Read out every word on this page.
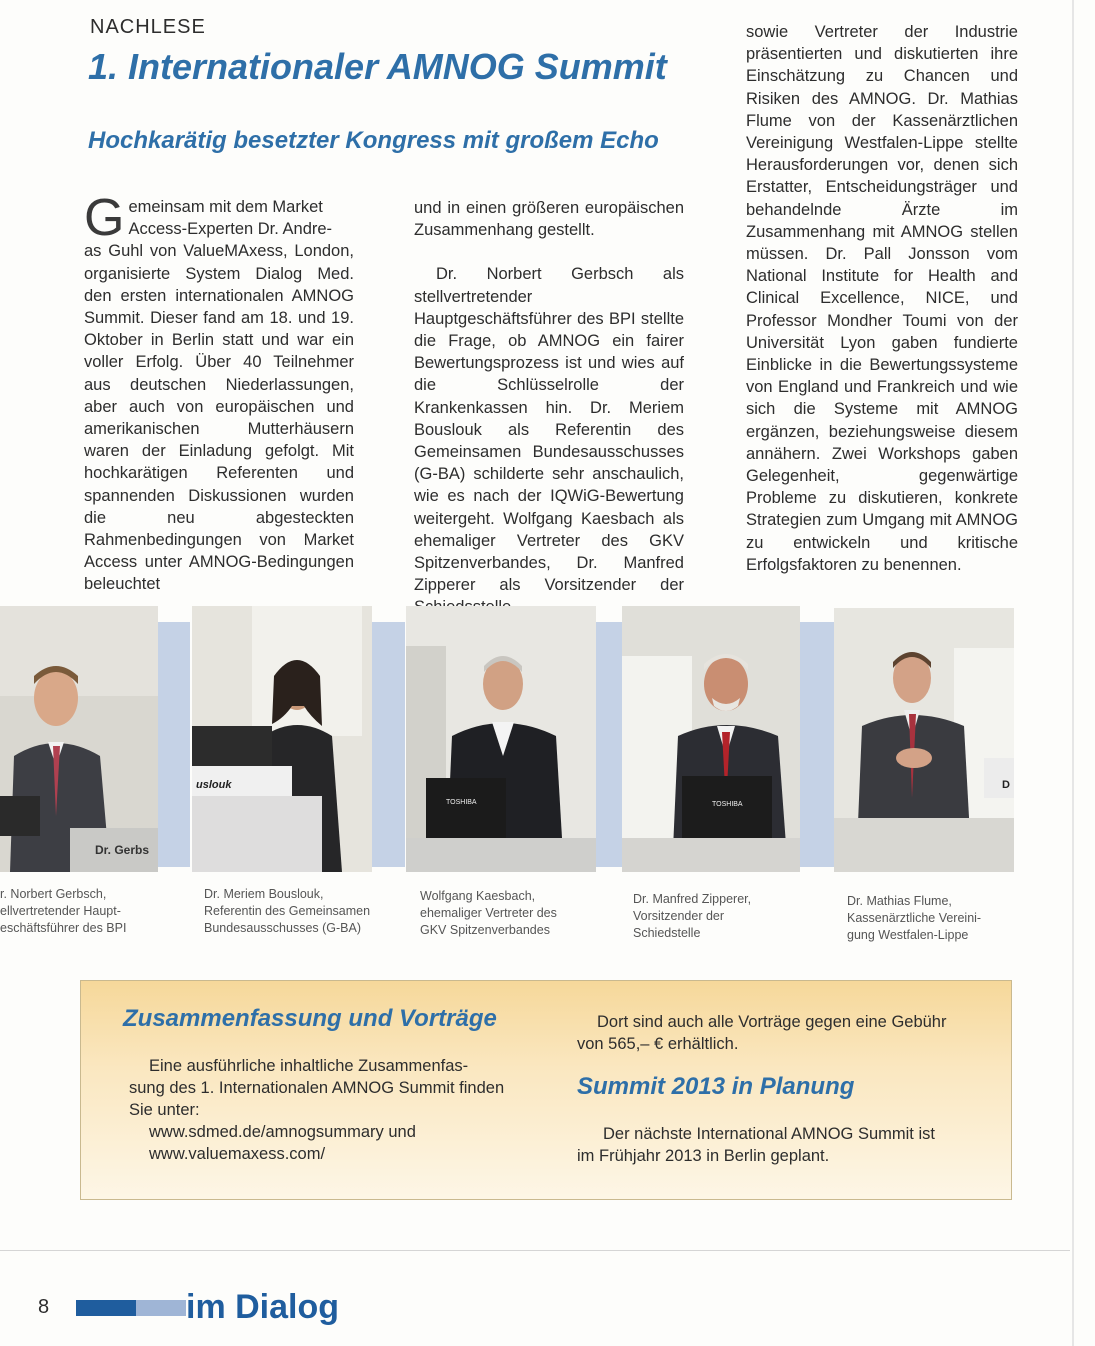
NACHLESE
1. Internationaler AMNOG Summit
Hochkarätig besetzter Kongress mit großem Echo
G emeinsam mit dem Market
Access-Experten Dr. Andre-
as Guhl von ValueMAxess, London, organisierte System Dialog Med. den ersten internationalen AMNOG Summit. Dieser fand am 18. und 19. Oktober in Berlin statt und war ein voller Erfolg. Über 40 Teilnehmer aus deutschen Niederlassungen, aber auch von europäischen und amerikanischen Mutterhäusern waren der Einladung gefolgt. Mit hochkarätigen Referenten und spannenden Diskussionen wurden die neu abgesteckten Rahmenbedingungen von Market Access unter AMNOG-Bedingungen beleuchtet

und in einen größeren europäischen Zusammenhang gestellt.

Dr. Norbert Gerbsch als stellvertretender Hauptgeschäftsführer des BPI stellte die Frage, ob AMNOG ein fairer Bewertungsprozess ist und wies auf die Schlüsselrolle der Krankenkassen hin. Dr. Meriem Bouslouk als Referentin des Gemeinsamen Bundesausschusses (G-BA) schilderte sehr anschaulich, wie es nach der IQWiG-Bewertung weitergeht. Wolfgang Kaesbach als ehemaliger Vertreter des GKV Spitzenverbandes, Dr. Manfred Zipperer als Vorsitzender der

sowie Vertreter der Industrie präsentierten und diskutierten ihre Einschätzung zu Chancen und Risiken des AMNOG. Dr. Mathias Flume von der Kassenärztlichen Vereinigung Westfalen-Lippe stellte Herausforderungen vor, denen sich Erstatter, Entscheidungsträger und behandelnde Ärzte im Zusammenhang mit AMNOG stellen müssen. Dr. Pall Jonsson vom National Institute for Health and Clinical Excellence, NICE, und Professor Mondher Toumi von der Universität Lyon gaben fundierte Einblicke in die Bewertungssysteme von England und Frankreich und wie sich die Systeme mit AMNOG ergänzen, beziehungsweise diesem annähern. Zwei Workshops gaben Gelegenheit, gegenwärtige Probleme zu diskutieren, konkrete Strategien zum Umgang mit AMNOG zu entwickeln und kritische Erfolgsfaktoren zu benennen.

Dr. Gerbs
uslouk
TOSHIBA	TOSHIBA
D
r. Norbert Gerbsch,
ellvertretender Haupt-
eschäftsführer des BPI
Dr. Meriem Bouslouk,
Referentin des Gemeinsamen
Bundesausschusses (G-BA)
Wolfgang Kaesbach,
ehemaliger Vertreter des
GKV Spitzenverbandes
Dr. Manfred Zipperer,
Vorsitzender der
Schiedstelle
Dr. Mathias Flume,
Kassenärztliche Vereini-
gung Westfalen-Lippe
Zusammenfassung und Vorträge
Eine ausführliche inhaltliche Zusammenfas-
sung des 1. Internationalen AMNOG Summit finden
Sie unter:
www.sdmed.de/amnogsummary und
www.valuemaxess.com/
Dort sind auch alle Vorträge gegen eine Gebühr
von 565,– € erhältlich.
Summit 2013 in Planung
Der nächste International AMNOG Summit ist
im Frühjahr 2013 in Berlin geplant.
8	im Dialog
